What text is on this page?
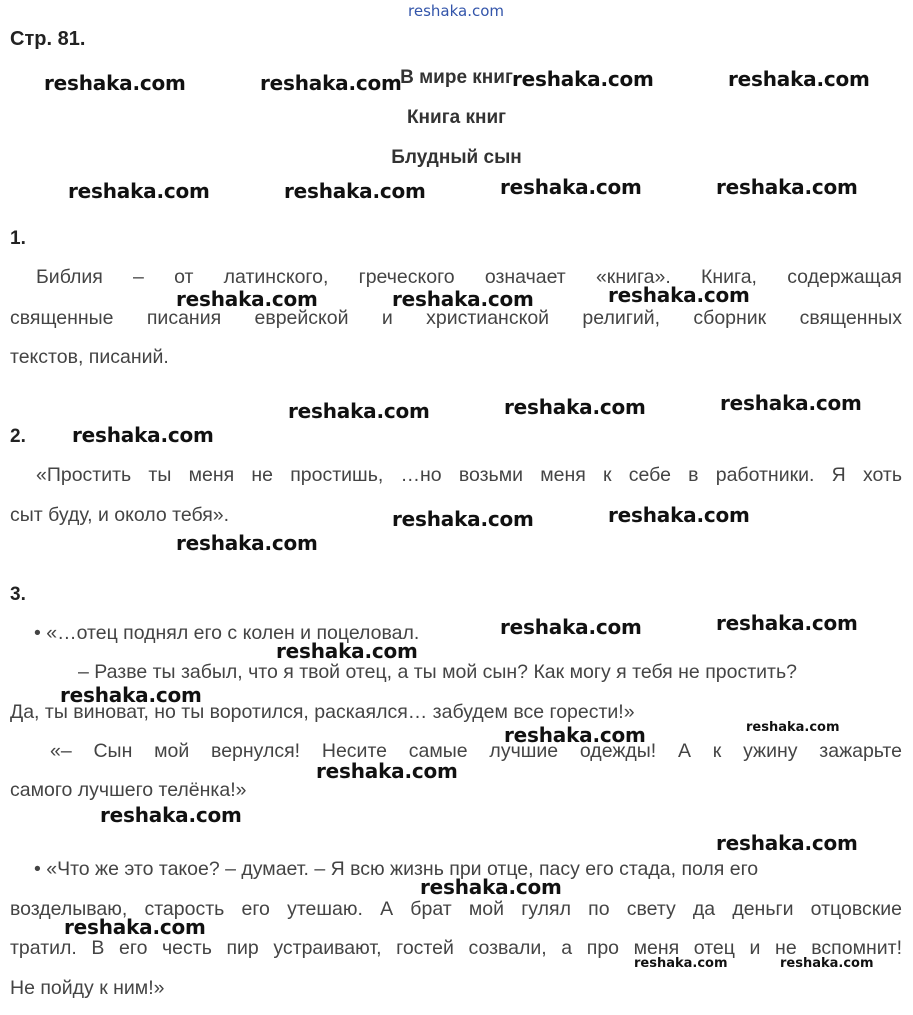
reshaka.com
Стр. 81.
В мире книг
Книга книг
Блудный сын
1.
Библия – от латинского, греческого означает «книга». Книга, содержащая
священные писания еврейской и христианской религий, сборник священных
текстов, писаний.
2.
«Простить ты меня не простишь, …но возьми меня к себе в работники. Я хоть
сыт буду, и около тебя».
3.
• «…отец поднял его с колен и поцеловал.
– Разве ты забыл, что я твой отец, а ты мой сын? Как могу я тебя не простить?
Да, ты виноват, но ты воротился, раскаялся… забудем все горести!»
«– Сын мой вернулся! Несите самые лучшие одежды! А к ужину зажарьте
самого лучшего телёнка!»
• «Что же это такое? – думает. – Я всю жизнь при отце, пасу его стада, поля его
возделываю, старость его утешаю. А брат мой гулял по свету да деньги отцовские
тратил. В его честь пир устраивают, гостей созвали, а про меня отец и не вспомнит!
Не пойду к ним!»
reshaka.com	reshaka.com	reshaka.com	reshaka.com
reshaka.com	reshaka.com	reshaka.com	reshaka.com
reshaka.com	reshaka.com	reshaka.com
reshaka.com	reshaka.com	reshaka.com
reshaka.com
reshaka.com	reshaka.com
reshaka.com
reshaka.com	reshaka.com
reshaka.com
reshaka.com
reshaka.com
reshaka.com
reshaka.com
reshaka.com
reshaka.com
reshaka.com
reshaka.com
reshaka.com	reshaka.com
